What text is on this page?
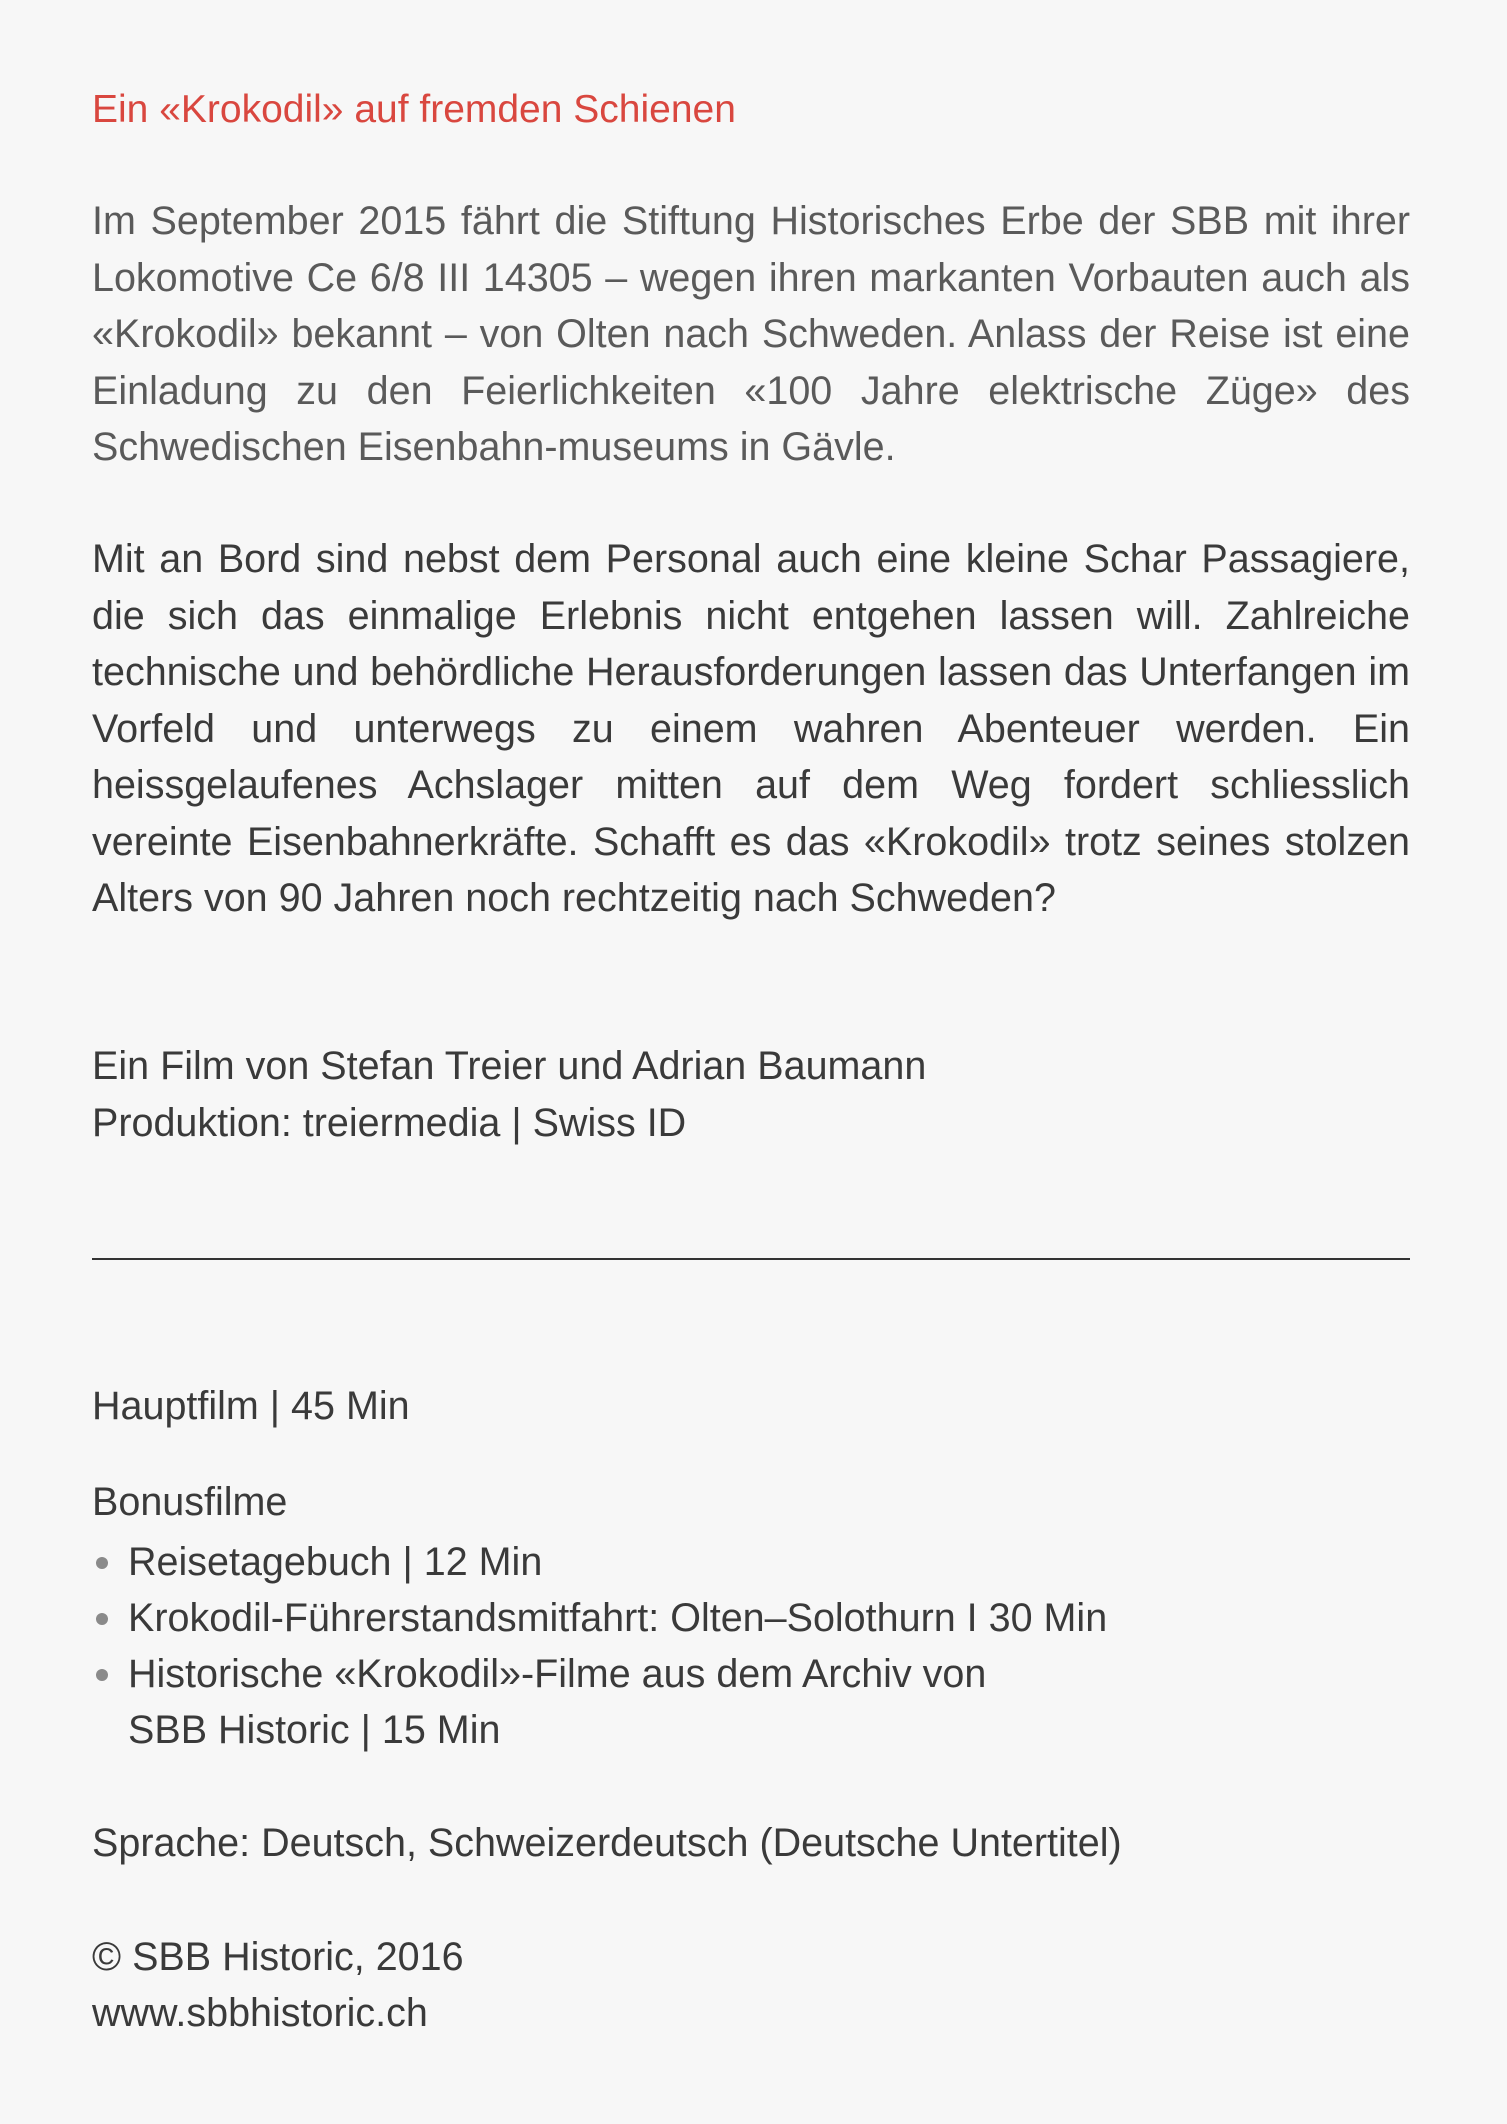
Ein «Krokodil» auf fremden Schienen

Im September 2015 fährt die Stiftung Historisches Erbe der SBB mit ihrer Lokomotive Ce 6/8 III 14305 – wegen ihren markanten Vorbauten auch als «Krokodil» bekannt – von Olten nach Schweden. Anlass der Reise ist eine Einladung zu den Feierlichkeiten «100 Jahre elektrische Züge» des Schwedischen Eisenbahn-museums in Gävle.

Mit an Bord sind nebst dem Personal auch eine kleine Schar Passagiere, die sich das einmalige Erlebnis nicht entgehen lassen will. Zahlreiche technische und behördliche Herausforderungen lassen das Unterfangen im Vorfeld und unterwegs zu einem wahren Abenteuer werden. Ein heissgelaufenes Achslager mitten auf dem Weg fordert schliesslich vereinte Eisenbahnerkräfte. Schafft es das «Krokodil» trotz seines stolzen Alters von 90 Jahren noch rechtzeitig nach Schweden?

Ein Film von Stefan Treier und Adrian Baumann
Produktion: treiermedia | Swiss ID
Hauptfilm | 45 Min
Bonusfilme
Reisetagebuch | 12 Min
Krokodil-Führerstandsmitfahrt: Olten–Solothurn I 30 Min
Historische «Krokodil»-Filme aus dem Archiv von
SBB Historic | 15 Min
Sprache: Deutsch, Schweizerdeutsch (Deutsche Untertitel)
© SBB Historic, 2016
www.sbbhistoric.ch
